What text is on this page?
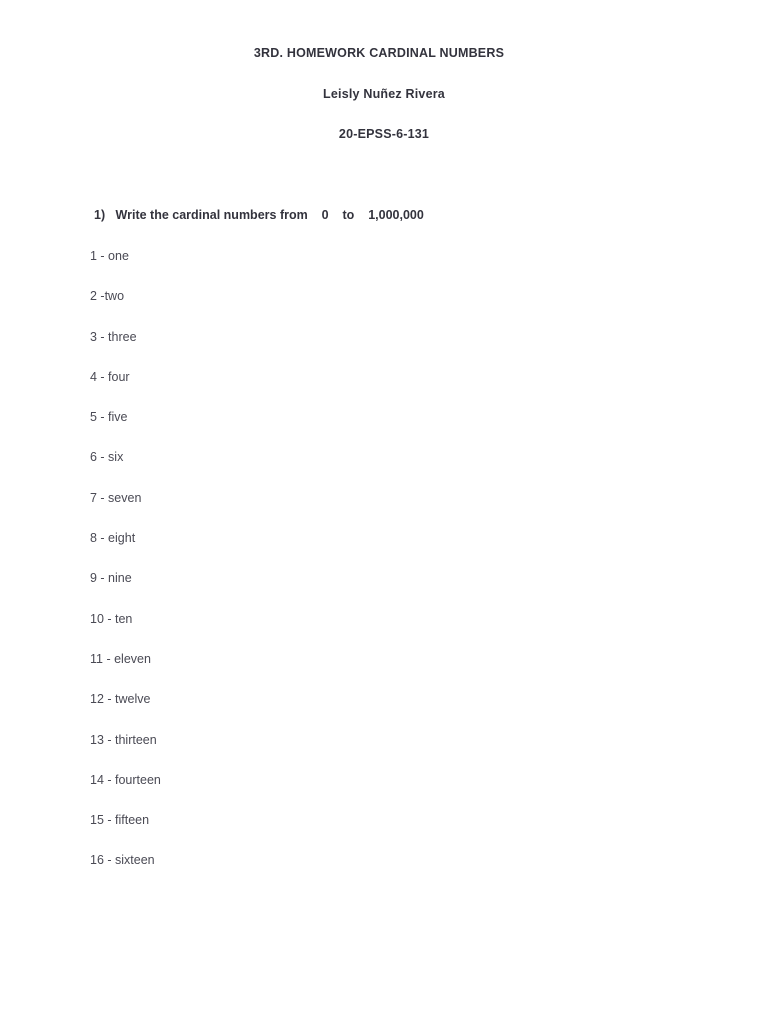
3RD. HOMEWORK CARDINAL NUMBERS
Leisly Nuñez Rivera
20-EPSS-6-131
1) Write the cardinal numbers from 0 to 1,000,000
1 - one
2 -two
3 - three
4 - four
5 - five
6 - six
7 - seven
8 - eight
9 - nine
10 - ten
11 - eleven
12 - twelve
13 - thirteen
14 - fourteen
15 - fifteen
16 - sixteen
